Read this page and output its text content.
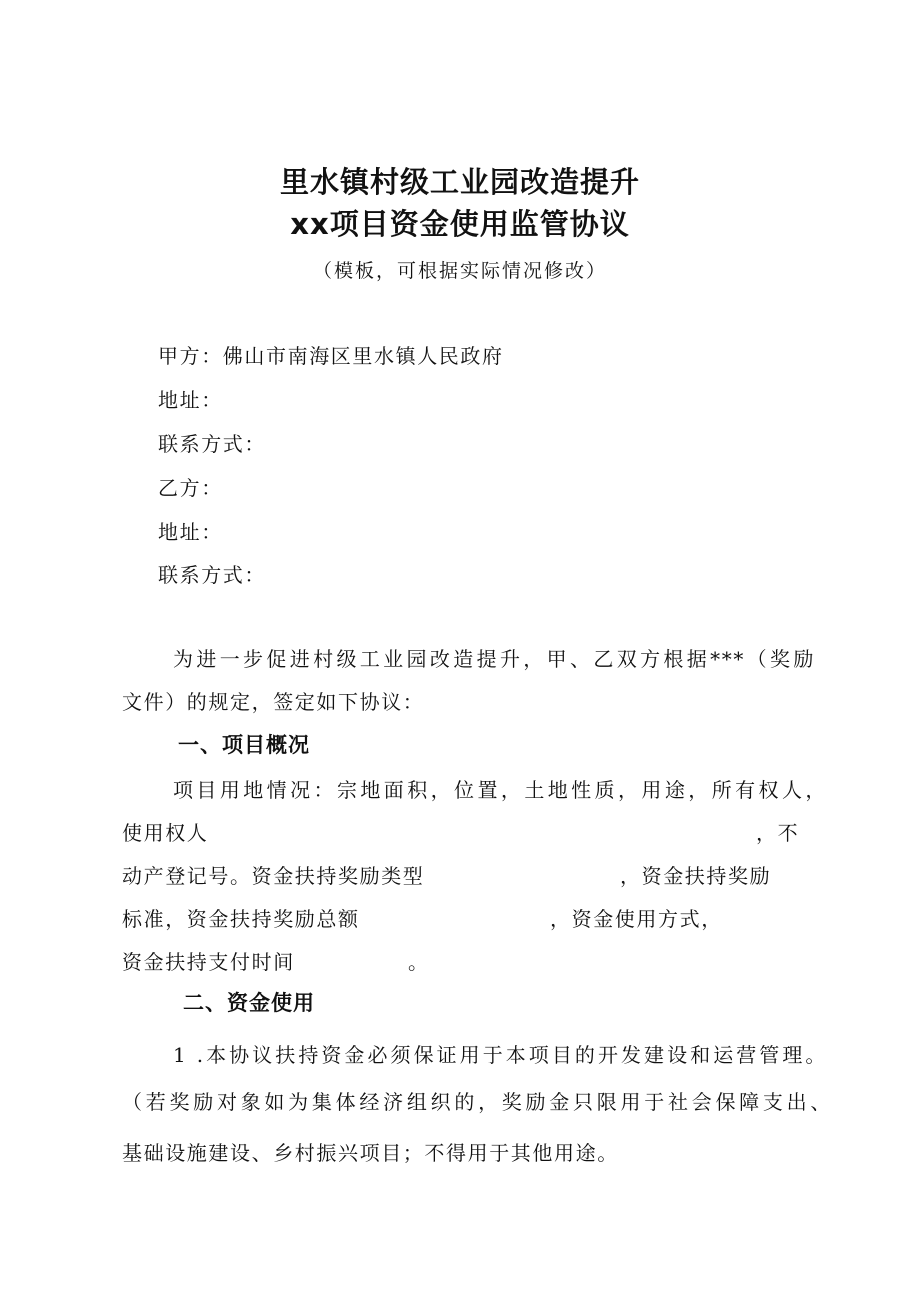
里水镇村级工业园改造提升
xx项目资金使用监管协议
（模板，可根据实际情况修改）
甲方：佛山市南海区里水镇人民政府
地址：
联系方式：
乙方：
地址：
联系方式：
为进一步促进村级工业园改造提升，甲、乙双方根据***（奖励
文件）的规定，签定如下协议：
一、项目概况
项目用地情况：宗地面积，位置，土地性质，用途，所有权人，
使用权人	，不
动产登记号。资金扶持奖励类型	，资金扶持奖励
标准，资金扶持奖励总额	，资金使用方式，
资金扶持支付时间	。
二、资金使用
1 .本协议扶持资金必须保证用于本项目的开发建设和运营管理。
（若奖励对象如为集体经济组织的，奖励金只限用于社会保障支出、
基础设施建设、乡村振兴项目；不得用于其他用途。
